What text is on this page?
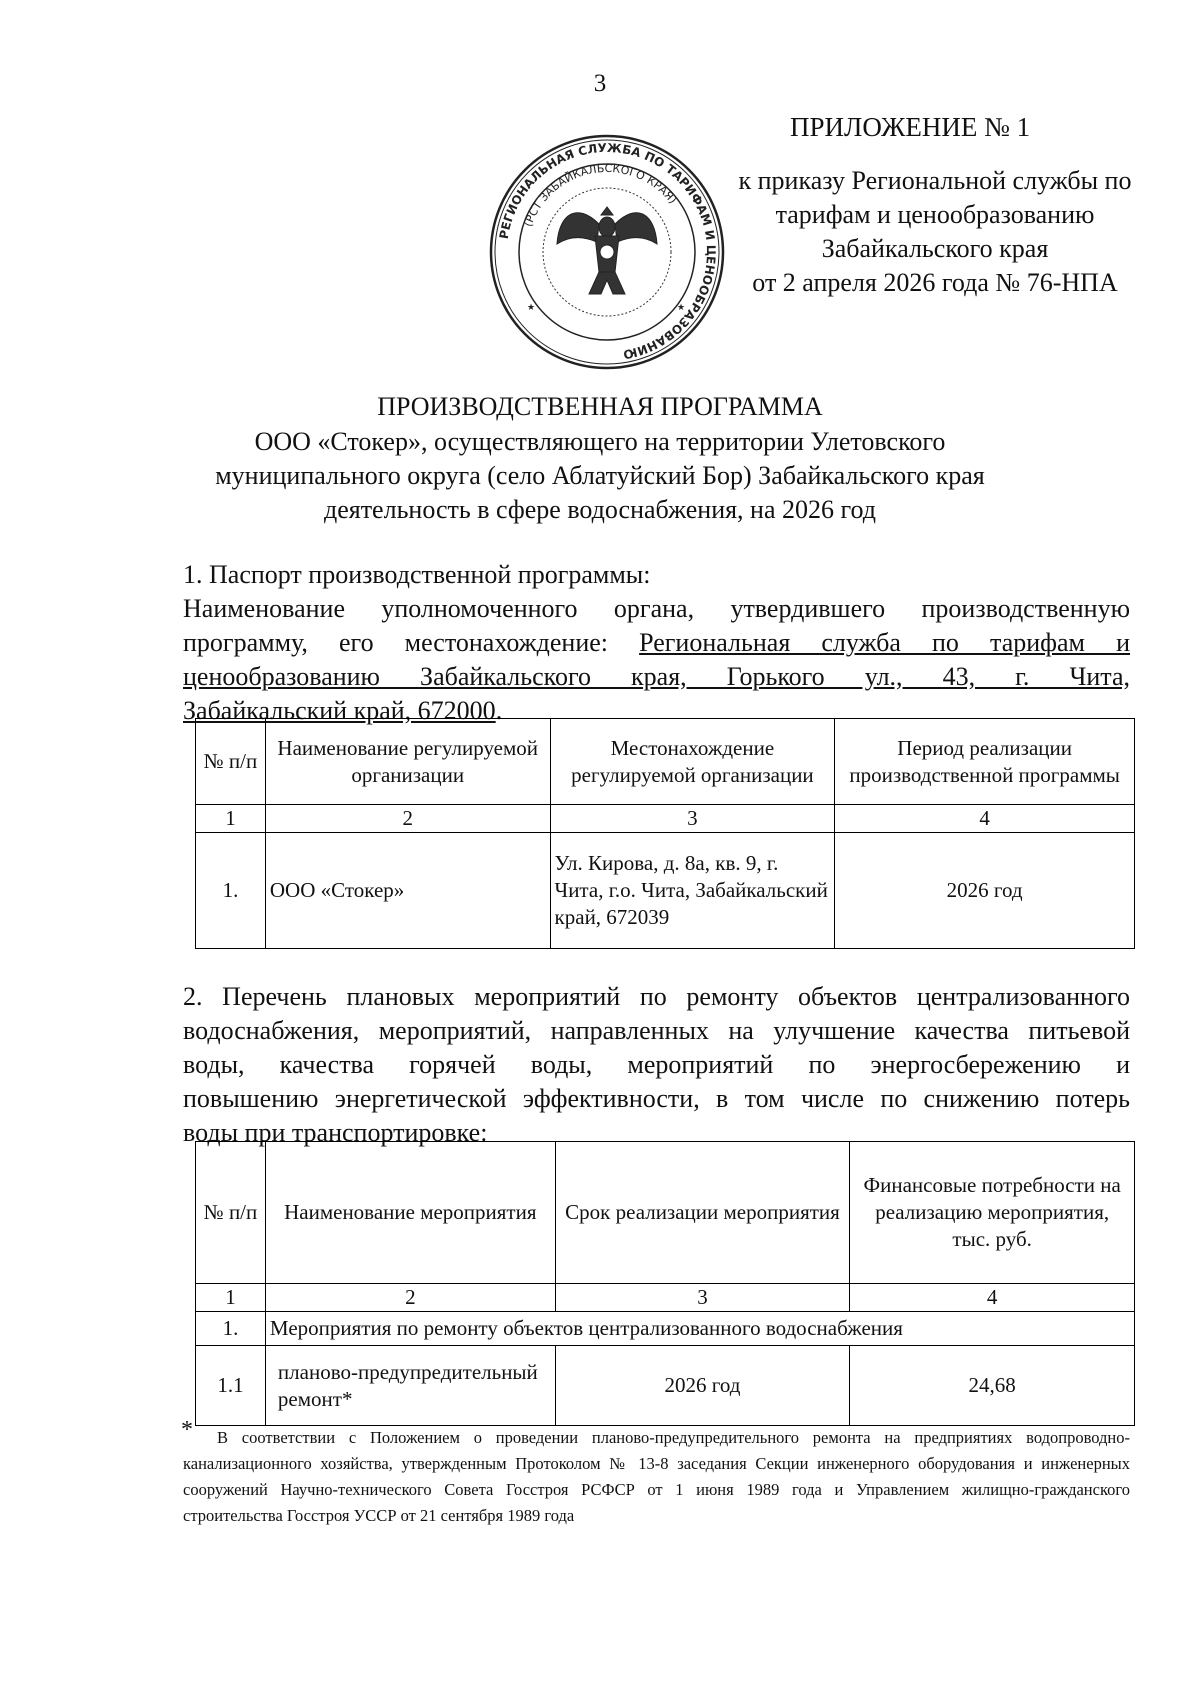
3
РЕГИОНАЛЬНАЯ СЛУЖБА ПО ТАРИФАМ И ЦЕНООБРАЗОВАНИЮ
(РСТ ЗАБАЙКАЛЬСКОГО КРАЯ)
★	★
ПРИЛОЖЕНИЕ № 1
к приказу Региональной службы по
тарифам и ценообразованию
Забайкальского края
от 2 апреля 2026 года № 76-НПА
ПРОИЗВОДСТВЕННАЯ ПРОГРАММА
ООО «Стокер», осуществляющего на территории Улетовского
муниципального округа (село Аблатуйский Бор) Забайкальского края
деятельность в сфере водоснабжения, на 2026 год
1. Паспорт производственной программы:
Наименование уполномоченного органа, утвердившего производственную
программу, его местонахождение: Региональная служба по тарифам и
ценообразованию Забайкальского края, Горького ул., 43, г. Чита,
Забайкальский край, 672000.
№ п/п	Наименование регулируемой организации	Местонахождение регулируемой организации	Период реализации производственной программы
1	2	3	4
1.	ООО «Стокер»	Ул. Кирова, д. 8а, кв. 9, г. Чита, г.о. Чита, Забайкальский край, 672039	2026 год
2. Перечень плановых мероприятий по ремонту объектов централизованного
водоснабжения, мероприятий, направленных на улучшение качества питьевой
воды, качества горячей воды, мероприятий по энергосбережению и
повышению энергетической эффективности, в том числе по снижению потерь
воды при транспортировке:
№ п/п	Наименование мероприятия	Срок реализации мероприятия	Финансовые потребности на реализацию мероприятия, тыс. руб.
1	2	3	4
1.	Мероприятия по ремонту объектов централизованного водоснабжения		
1.1	планово-предупредительный ремонт*	2026 год	24,68
*	В соответствии с Положением о проведении планово-предупредительного ремонта на предприятиях водопроводно-канализационного хозяйства, утвержденным Протоколом № 13-8 заседания Секции инженерного оборудования и инженерных сооружений Научно-технического Совета Госстроя РСФСР от 1 июня 1989 года и Управлением жилищно-гражданского строительства Госстроя УССР от 21 сентября 1989 года
